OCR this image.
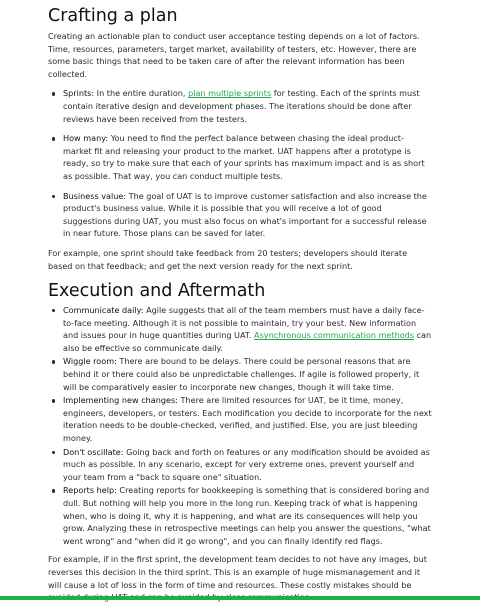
Crafting a plan

Creating an actionable plan to conduct user acceptance testing depends on a lot of factors. Time, resources, parameters, target market, availability of testers, etc. However, there are some basic things that need to be taken care of after the relevant information has been collected.

Sprints: In the entire duration, plan multiple sprints for testing. Each of the sprints must contain iterative design and development phases. The iterations should be done after reviews have been received from the testers.
How many: You need to find the perfect balance between chasing the ideal product-market fit and releasing your product to the market. UAT happens after a prototype is ready, so try to make sure that each of your sprints has maximum impact and is as short as possible. That way, you can conduct multiple tests.
Business value: The goal of UAT is to improve customer satisfaction and also increase the product's business value. While it is possible that you will receive a lot of good suggestions during UAT, you must also focus on what's important for a successful release in near future. Those plans can be saved for later.

For example, one sprint should take feedback from 20 testers; developers should iterate based on that feedback; and get the next version ready for the next sprint.

Execution and Aftermath
Communicate daily: Agile suggests that all of the team members must have a daily face-to-face meeting. Although it is not possible to maintain, try your best. New information and issues pour in huge quantities during UAT. Asynchronous communication methods can also be effective so communicate daily.
Wiggle room: There are bound to be delays. There could be personal reasons that are behind it or there could also be unpredictable challenges. If agile is followed properly, it will be comparatively easier to incorporate new changes, though it will take time.
Implementing new changes: There are limited resources for UAT, be it time, money, engineers, developers, or testers. Each modification you decide to incorporate for the next iteration needs to be double-checked, verified, and justified. Else, you are just bleeding money.
Don't oscillate: Going back and forth on features or any modification should be avoided as much as possible. In any scenario, except for very extreme ones, prevent yourself and your team from a "back to square one" situation.
Reports help: Creating reports for bookkeeping is something that is considered boring and dull. But nothing will help you more in the long run. Keeping track of what is happening when, who is doing it, why it is happening, and what are its consequences will help you grow. Analyzing these in retrospective meetings can help you answer the questions, "what went wrong" and "when did it go wrong", and you can finally identify red flags.

For example, if in the first sprint, the development team decides to not have any images, but reverses this decision in the third sprint. This is an example of huge mismanagement and it will cause a lot of loss in the form of time and resources. These costly mistakes should be
